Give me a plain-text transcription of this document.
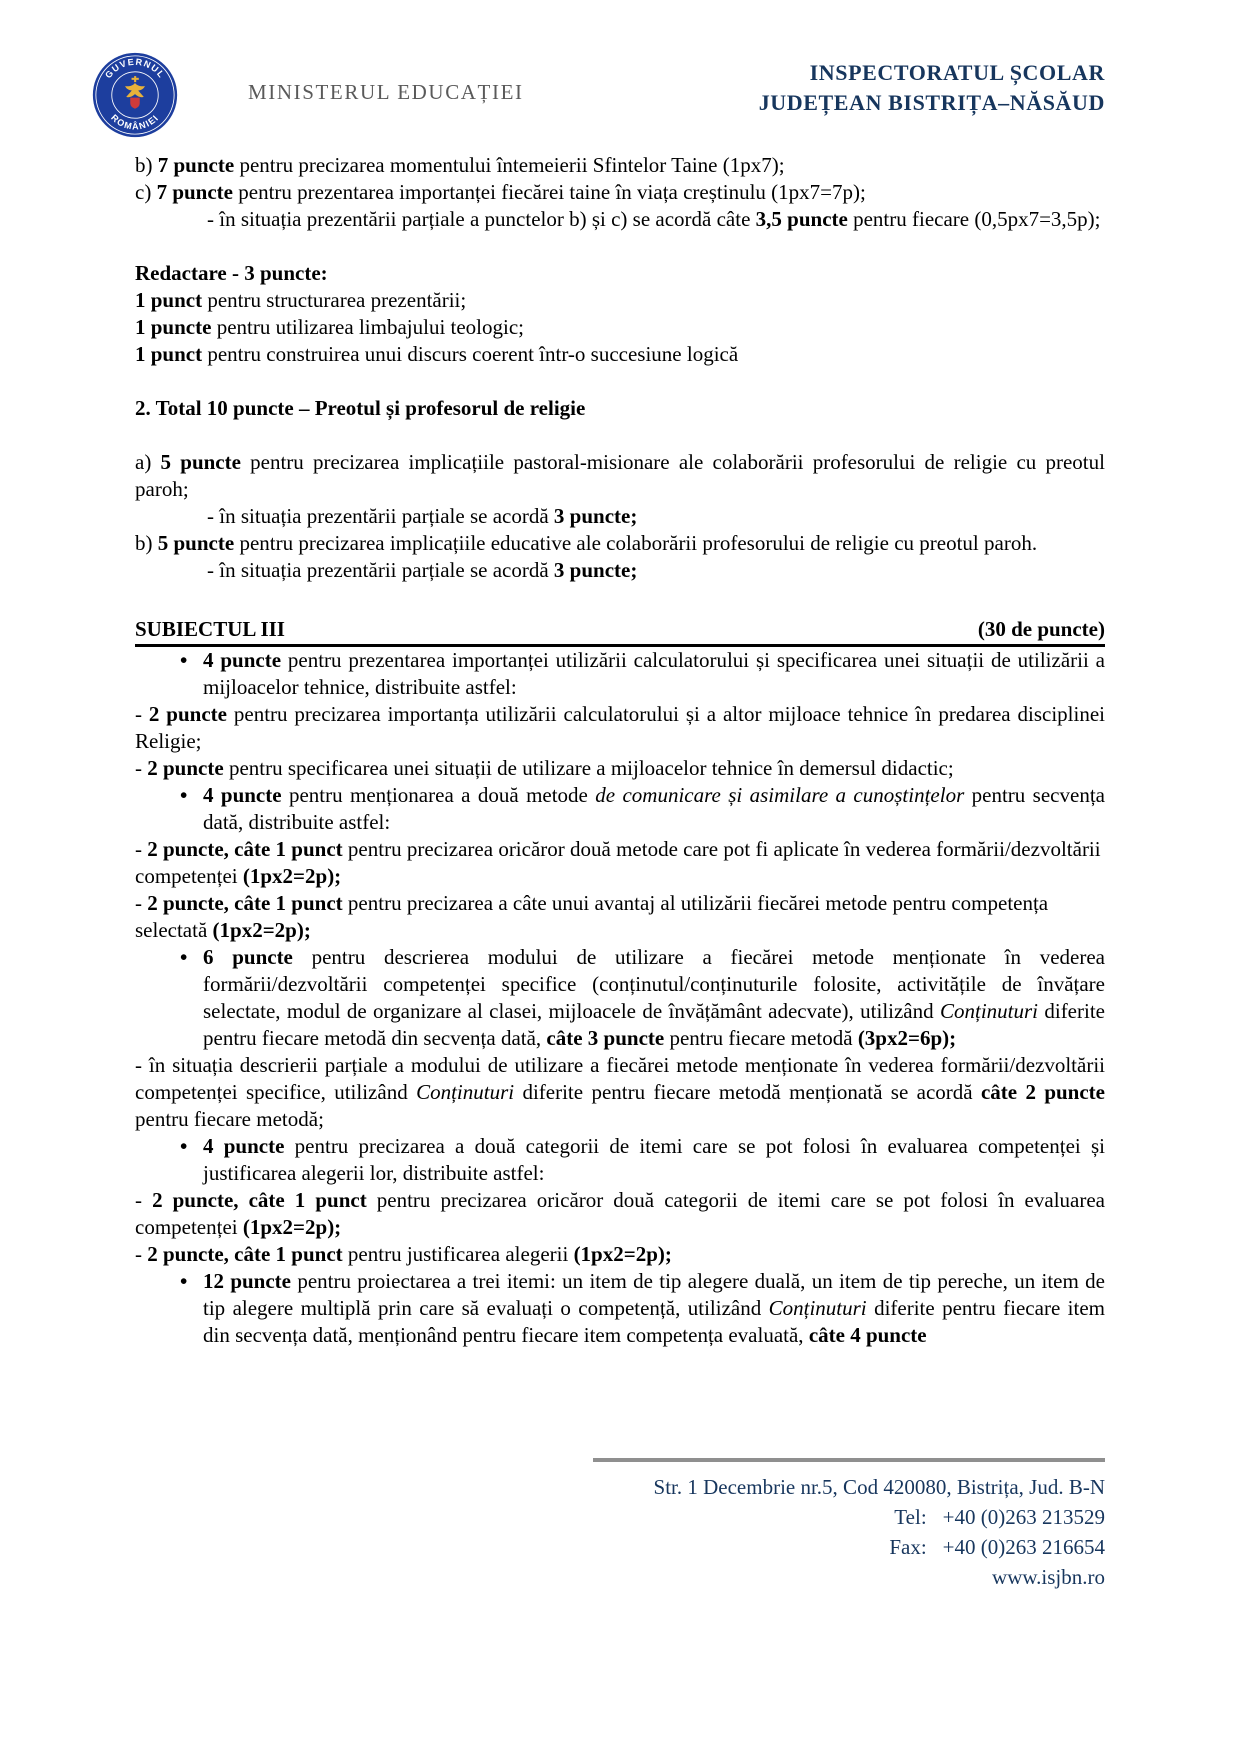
GUVERNUL
ROMÂNIEI
MINISTERUL EDUCAȚIEI
INSPECTORATUL ȘCOLAR
JUDEȚEAN BISTRIȚA–NĂSĂUD

b) 7 puncte pentru precizarea momentului întemeierii Sfintelor Taine (1px7);

c) 7 puncte pentru prezentarea importanței fiecărei taine în viața creștinulu (1px7=7p);

- în situația prezentării parțiale a punctelor b) și c) se acordă câte 3,5 puncte pentru fiecare (0,5px7=3,5p);

Redactare - 3 puncte:

1 punct pentru structurarea prezentării;

1 puncte pentru utilizarea limbajului teologic;

1 punct pentru construirea unui discurs coerent într-o succesiune logică

2. Total 10 puncte – Preotul și profesorul de religie

a) 5 puncte pentru precizarea implicațiile pastoral-misionare ale colaborării profesorului de religie cu preotul paroh;

- în situația prezentării parțiale se acordă 3 puncte;

b) 5 puncte pentru precizarea implicațiile educative ale colaborării profesorului de religie cu preotul paroh.

- în situația prezentării parțiale se acordă 3 puncte;

SUBIECTUL III	(30 de puncte)

• 4 puncte pentru prezentarea importanței utilizării calculatorului și specificarea unei situații de utilizării a mijloacelor tehnice, distribuite astfel:

- 2 puncte pentru precizarea importanța utilizării calculatorului și a altor mijloace tehnice în predarea disciplinei Religie;

- 2 puncte pentru specificarea unei situații de utilizare a mijloacelor tehnice în demersul didactic;

• 4 puncte pentru menționarea a două metode de comunicare și asimilare a cunoștințelor pentru secvența dată, distribuite astfel:

- 2 puncte, câte 1 punct pentru precizarea oricăror două metode care pot fi aplicate în vederea formării/dezvoltării competenței (1px2=2p);

- 2 puncte, câte 1 punct pentru precizarea a câte unui avantaj al utilizării fiecărei metode pentru competența selectată (1px2=2p);

• 6 puncte pentru descrierea modului de utilizare a fiecărei metode menționate în vederea formării/dezvoltării competenței specifice (conținutul/conținuturile folosite, activitățile de învățare selectate, modul de organizare al clasei, mijloacele de învățământ adecvate), utilizând Conținuturi diferite pentru fiecare metodă din secvența dată, câte 3 puncte pentru fiecare metodă (3px2=6p);

- în situația descrierii parțiale a modului de utilizare a fiecărei metode menționate în vederea formării/dezvoltării competenței specifice, utilizând Conținuturi diferite pentru fiecare metodă menționată se acordă câte 2 puncte pentru fiecare metodă;

• 4 puncte pentru precizarea a două categorii de itemi care se pot folosi în evaluarea competenței și justificarea alegerii lor, distribuite astfel:

- 2 puncte, câte 1 punct pentru precizarea oricăror două categorii de itemi care se pot folosi în evaluarea competenței (1px2=2p);

- 2 puncte, câte 1 punct pentru justificarea alegerii (1px2=2p);

• 12 puncte pentru proiectarea a trei itemi: un item de tip alegere duală, un item de tip pereche, un item de tip alegere multiplă prin care să evaluați o competență, utilizând Conținuturi diferite pentru fiecare item din secvența dată, menționând pentru fiecare item competența evaluată, câte 4 puncte

Str. 1 Decembrie nr.5, Cod 420080, Bistrița, Jud. B-N
Tel: +40 (0)263 213529
Fax: +40 (0)263 216654
www.isjbn.ro
